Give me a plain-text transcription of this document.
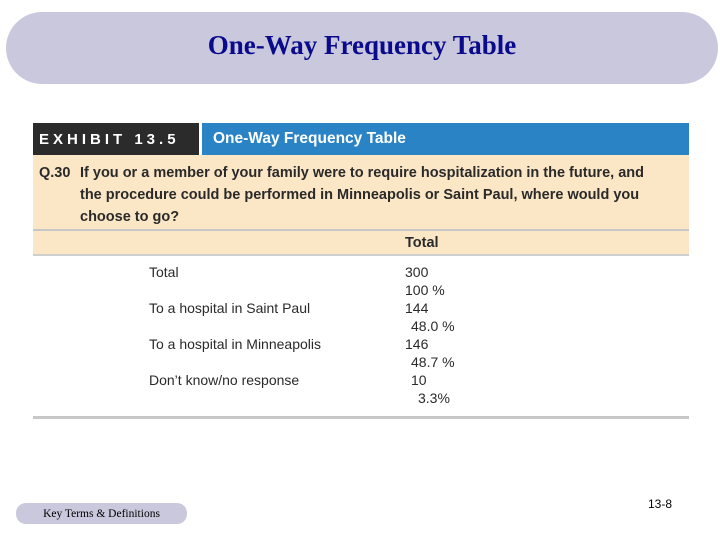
One-Way Frequency Table
EXHIBIT 13.5	One-Way Frequency Table
Q.30 If you or a member of your family were to require hospitalization in the future, and
the procedure could be performed in Minneapolis or Saint Paul, where would you
choose to go?
Total
Total	300
100 %
To a hospital in Saint Paul	144
48.0 %
To a hospital in Minneapolis	146
48.7 %
Don’t know/no response	10
3.3%
Key Terms & Definitions
13-8
